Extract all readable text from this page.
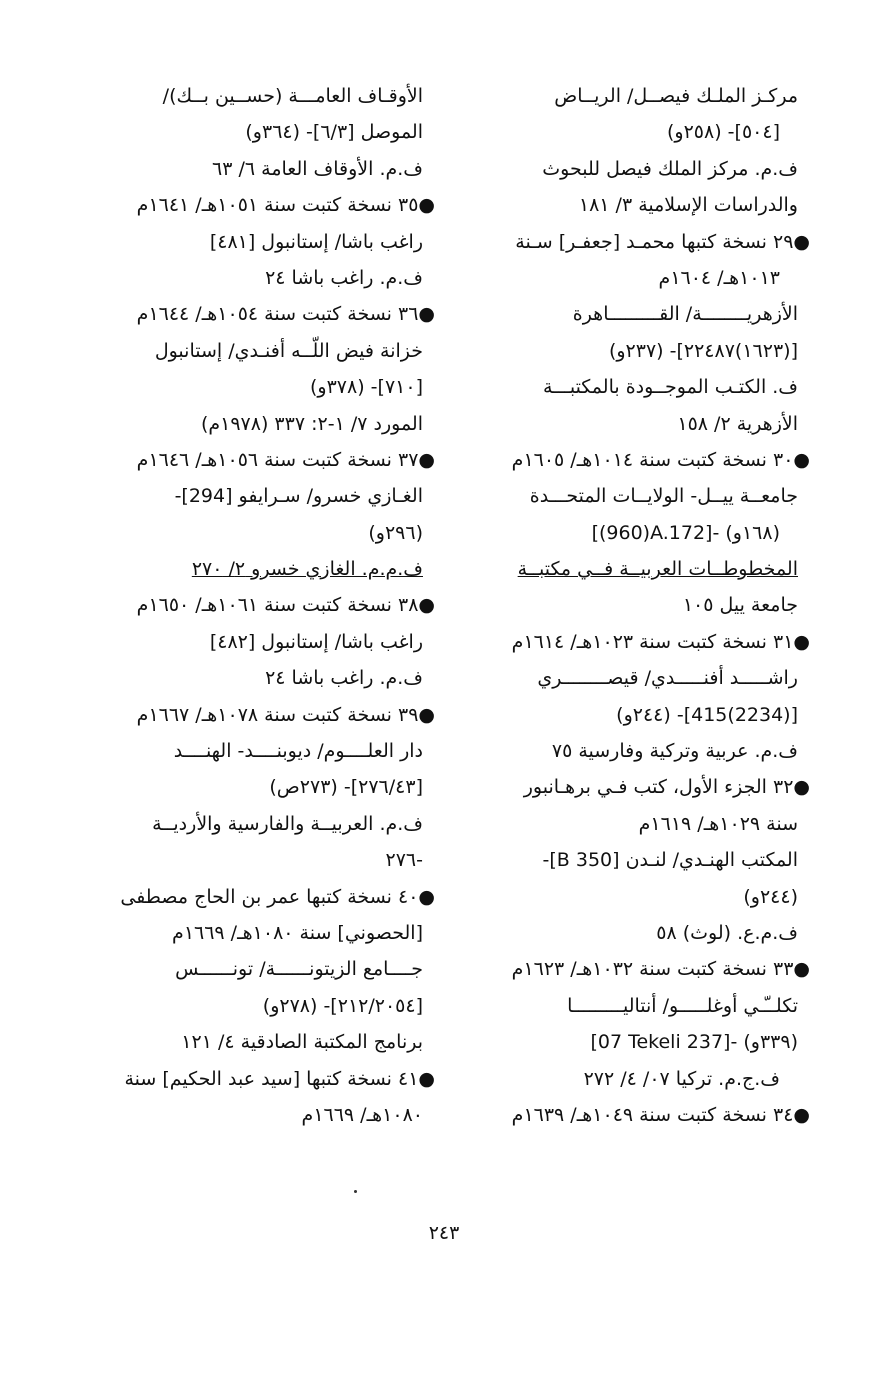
مركـز الملـك فيصــل/ الريــاض
[٥٠٤]- (٢٥٨و)
ف.م. مركز الملك فيصل للبحوث
والدراسات الإسلامية ٣/ ١٨١
●٢٩ نسخة كتبها محمـد [جعفـر] سـنة
١٠١٣هـ/ ١٦٠٤م
الأزهريــــــــة/ القـــــــــاهرة
[(١٦٢٣)٢٢٤٨٧]- (٢٣٧و)
ف. الكتـب الموجــودة بالمكتبـــة
الأزهرية ٢/ ١٥٨
●٣٠ نسخة كتبت سنة ١٠١٤هـ/ ١٦٠٥م
جامعــة ييــل- الولايــات المتحـــدة
[(960)A.172]- (١٦٨و)
المخطوطــات العربيــة فــي مكتبــة
جامعة ييل ١٠٥
●٣١ نسخة كتبت سنة ١٠٢٣هـ/ ١٦١٤م
راشـــــد أفنـــــدي/ قيصــــــــري
[(2234)415]- (٢٤٤و)
ف.م. عربية وتركية وفارسية ٧٥
●٣٢ الجزء الأول، كتب فـي برهـانبور
سنة ١٠٢٩هـ/ ١٦١٩م
المكتب الهنـدي/ لنـدن [350 B]-
(٢٤٤و)
ف.م.ع. (لوث) ٥٨
●٣٣ نسخة كتبت سنة ١٠٣٢هـ/ ١٦٢٣م
تكلــّـي أوغلـــــو/ أنتاليـــــــــا
[07 Tekeli 237]- (٣٣٩و)
ف.ج.م. تركيا ٠٧/ ٤/ ٢٧٢
●٣٤ نسخة كتبت سنة ١٠٤٩هـ/ ١٦٣٩م
الأوقـاف العامـــة (حســين بــك)/
الموصل [٦/٣]- (٣٦٤و)
ف.م. الأوقاف العامة ٦/ ٦٣
●٣٥ نسخة كتبت سنة ١٠٥١هـ/ ١٦٤١م
راغب باشا/ إستانبول [٤٨١]
ف.م. راغب باشا ٢٤
●٣٦ نسخة كتبت سنة ١٠٥٤هـ/ ١٦٤٤م
خزانة فيض اللّــه أفنـدي/ إستانبول
[٧١٠]- (٣٧٨و)
المورد ٧/ ١-٢: ٣٣٧ (١٩٧٨م)
●٣٧ نسخة كتبت سنة ١٠٥٦هـ/ ١٦٤٦م
الغـازي خسرو/ سـرايفو [294]-
(٢٩٦و)
ف.م.م. الغازي خسرو ٢/ ٢٧٠
●٣٨ نسخة كتبت سنة ١٠٦١هـ/ ١٦٥٠م
راغب باشا/ إستانبول [٤٨٢]
ف.م. راغب باشا ٢٤
●٣٩ نسخة كتبت سنة ١٠٧٨هـ/ ١٦٦٧م
دار العلــــوم/ ديوبنــــد- الهنــــد
[٢٧٦/٤٣]- (٢٧٣ص)
ف.م. العربيــة والفارسية والأرديــة
٢٧٦-
●٤٠ نسخة كتبها عمر بن الحاج مصطفى
[الحصوني] سنة ١٠٨٠هـ/ ١٦٦٩م
جــــامع الزيتونــــــة/ تونــــــس
[٢١٢/٢٠٥٤]- (٢٧٨و)
برنامج المكتبة الصادقية ٤/ ١٢١
●٤١ نسخة كتبها [سيد عبد الحكيم] سنة
١٠٨٠هـ/ ١٦٦٩م
٢٤٣
